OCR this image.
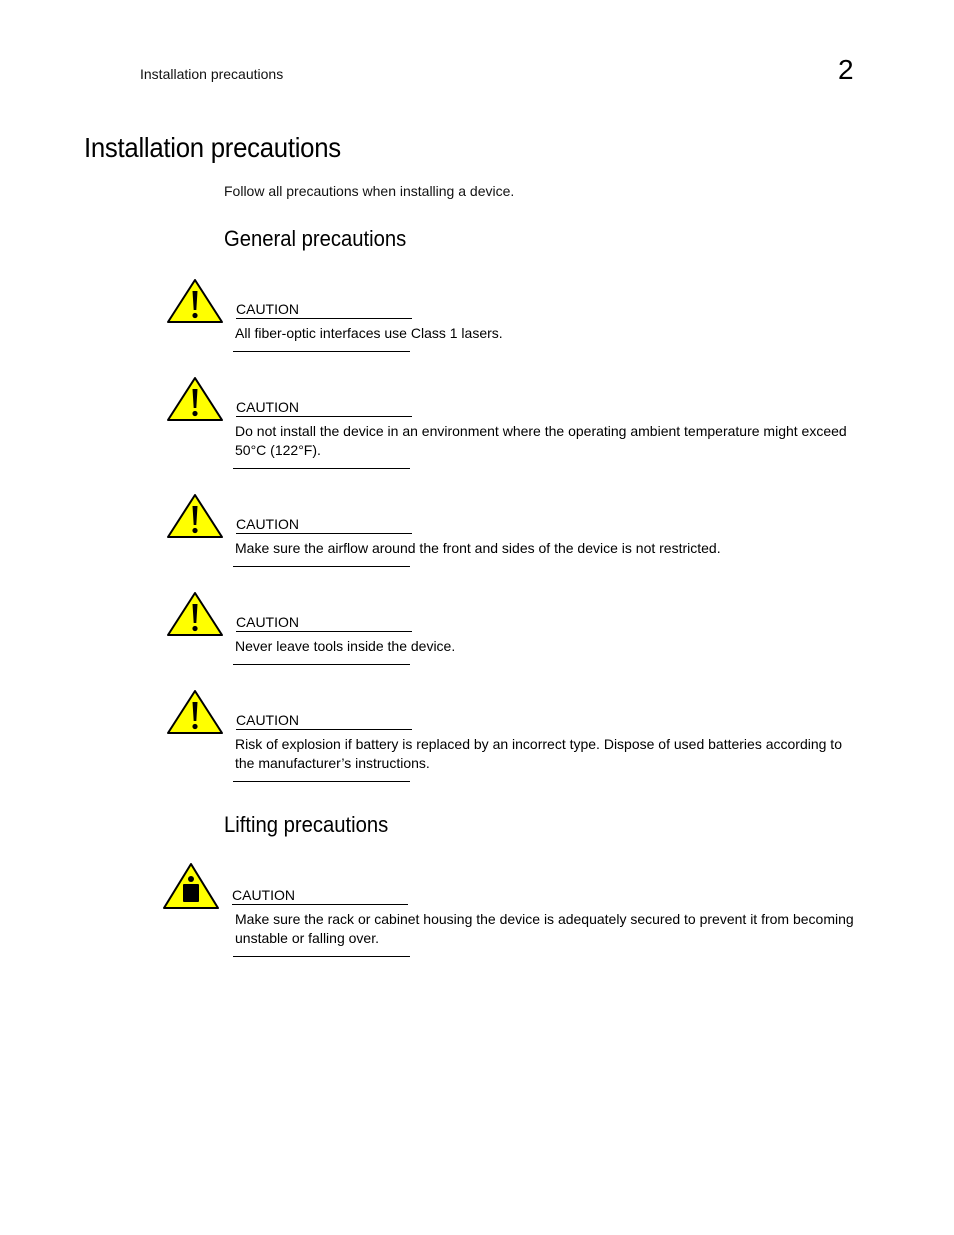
Installation precautions	2
Installation precautions
Follow all precautions when installing a device.
General precautions
CAUTION
All fiber-optic interfaces use Class 1 lasers.
CAUTION
Do not install the device in an environment where the operating ambient temperature might exceed 50°C (122°F).
CAUTION
Make sure the airflow around the front and sides of the device is not restricted.
CAUTION
Never leave tools inside the device.
CAUTION
Risk of explosion if battery is replaced by an incorrect type. Dispose of used batteries according to the manufacturer’s instructions.
Lifting precautions
CAUTION
Make sure the rack or cabinet housing the device is adequately secured to prevent it from becoming unstable or falling over.
